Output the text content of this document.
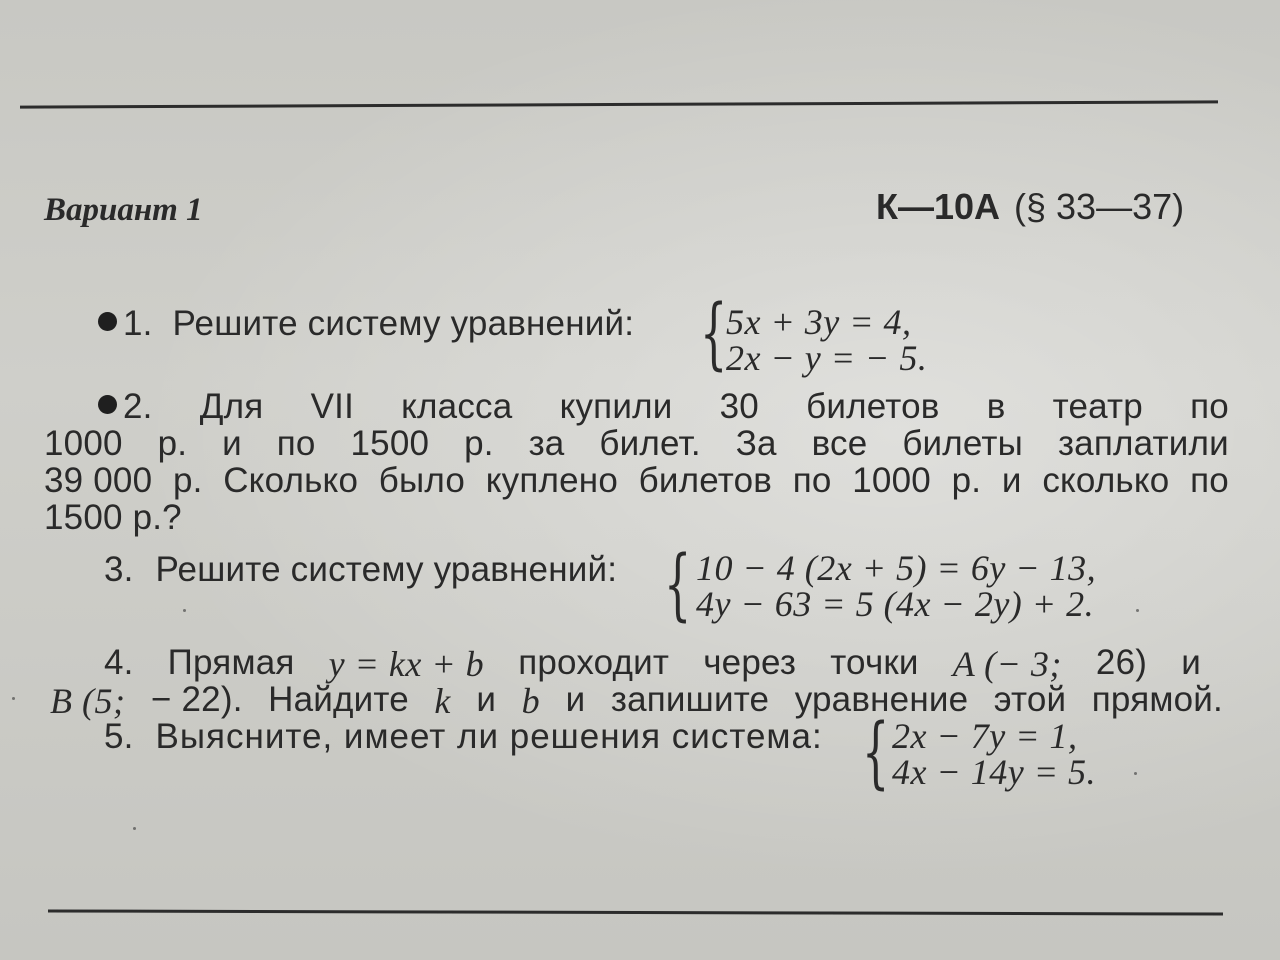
Вариант 1	К—10А (§ 33—37)
1. Решите систему уравнений: {
5x + 3y = 4,
2x − y = − 5.
2. Для VII класса купили 30 билетов в театр по
1000 р. и по 1500 р. за билет. За все билеты заплатили
39 000 р. Сколько было куплено билетов по 1000 р. и сколько по
1500 р.?
3. Решите систему уравнений: { 10 − 4 (2x + 5) = 6y − 13,
4y − 63 = 5 (4x − 2y) + 2.
4. Прямая y = kx + b проходит через точки A (− 3; 26) и
B (5; − 22). Найдите k и b и запишите уравнение этой прямой.
5. Выясните, имеет ли решения система: { 2x − 7y = 1,
4x − 14y = 5.
